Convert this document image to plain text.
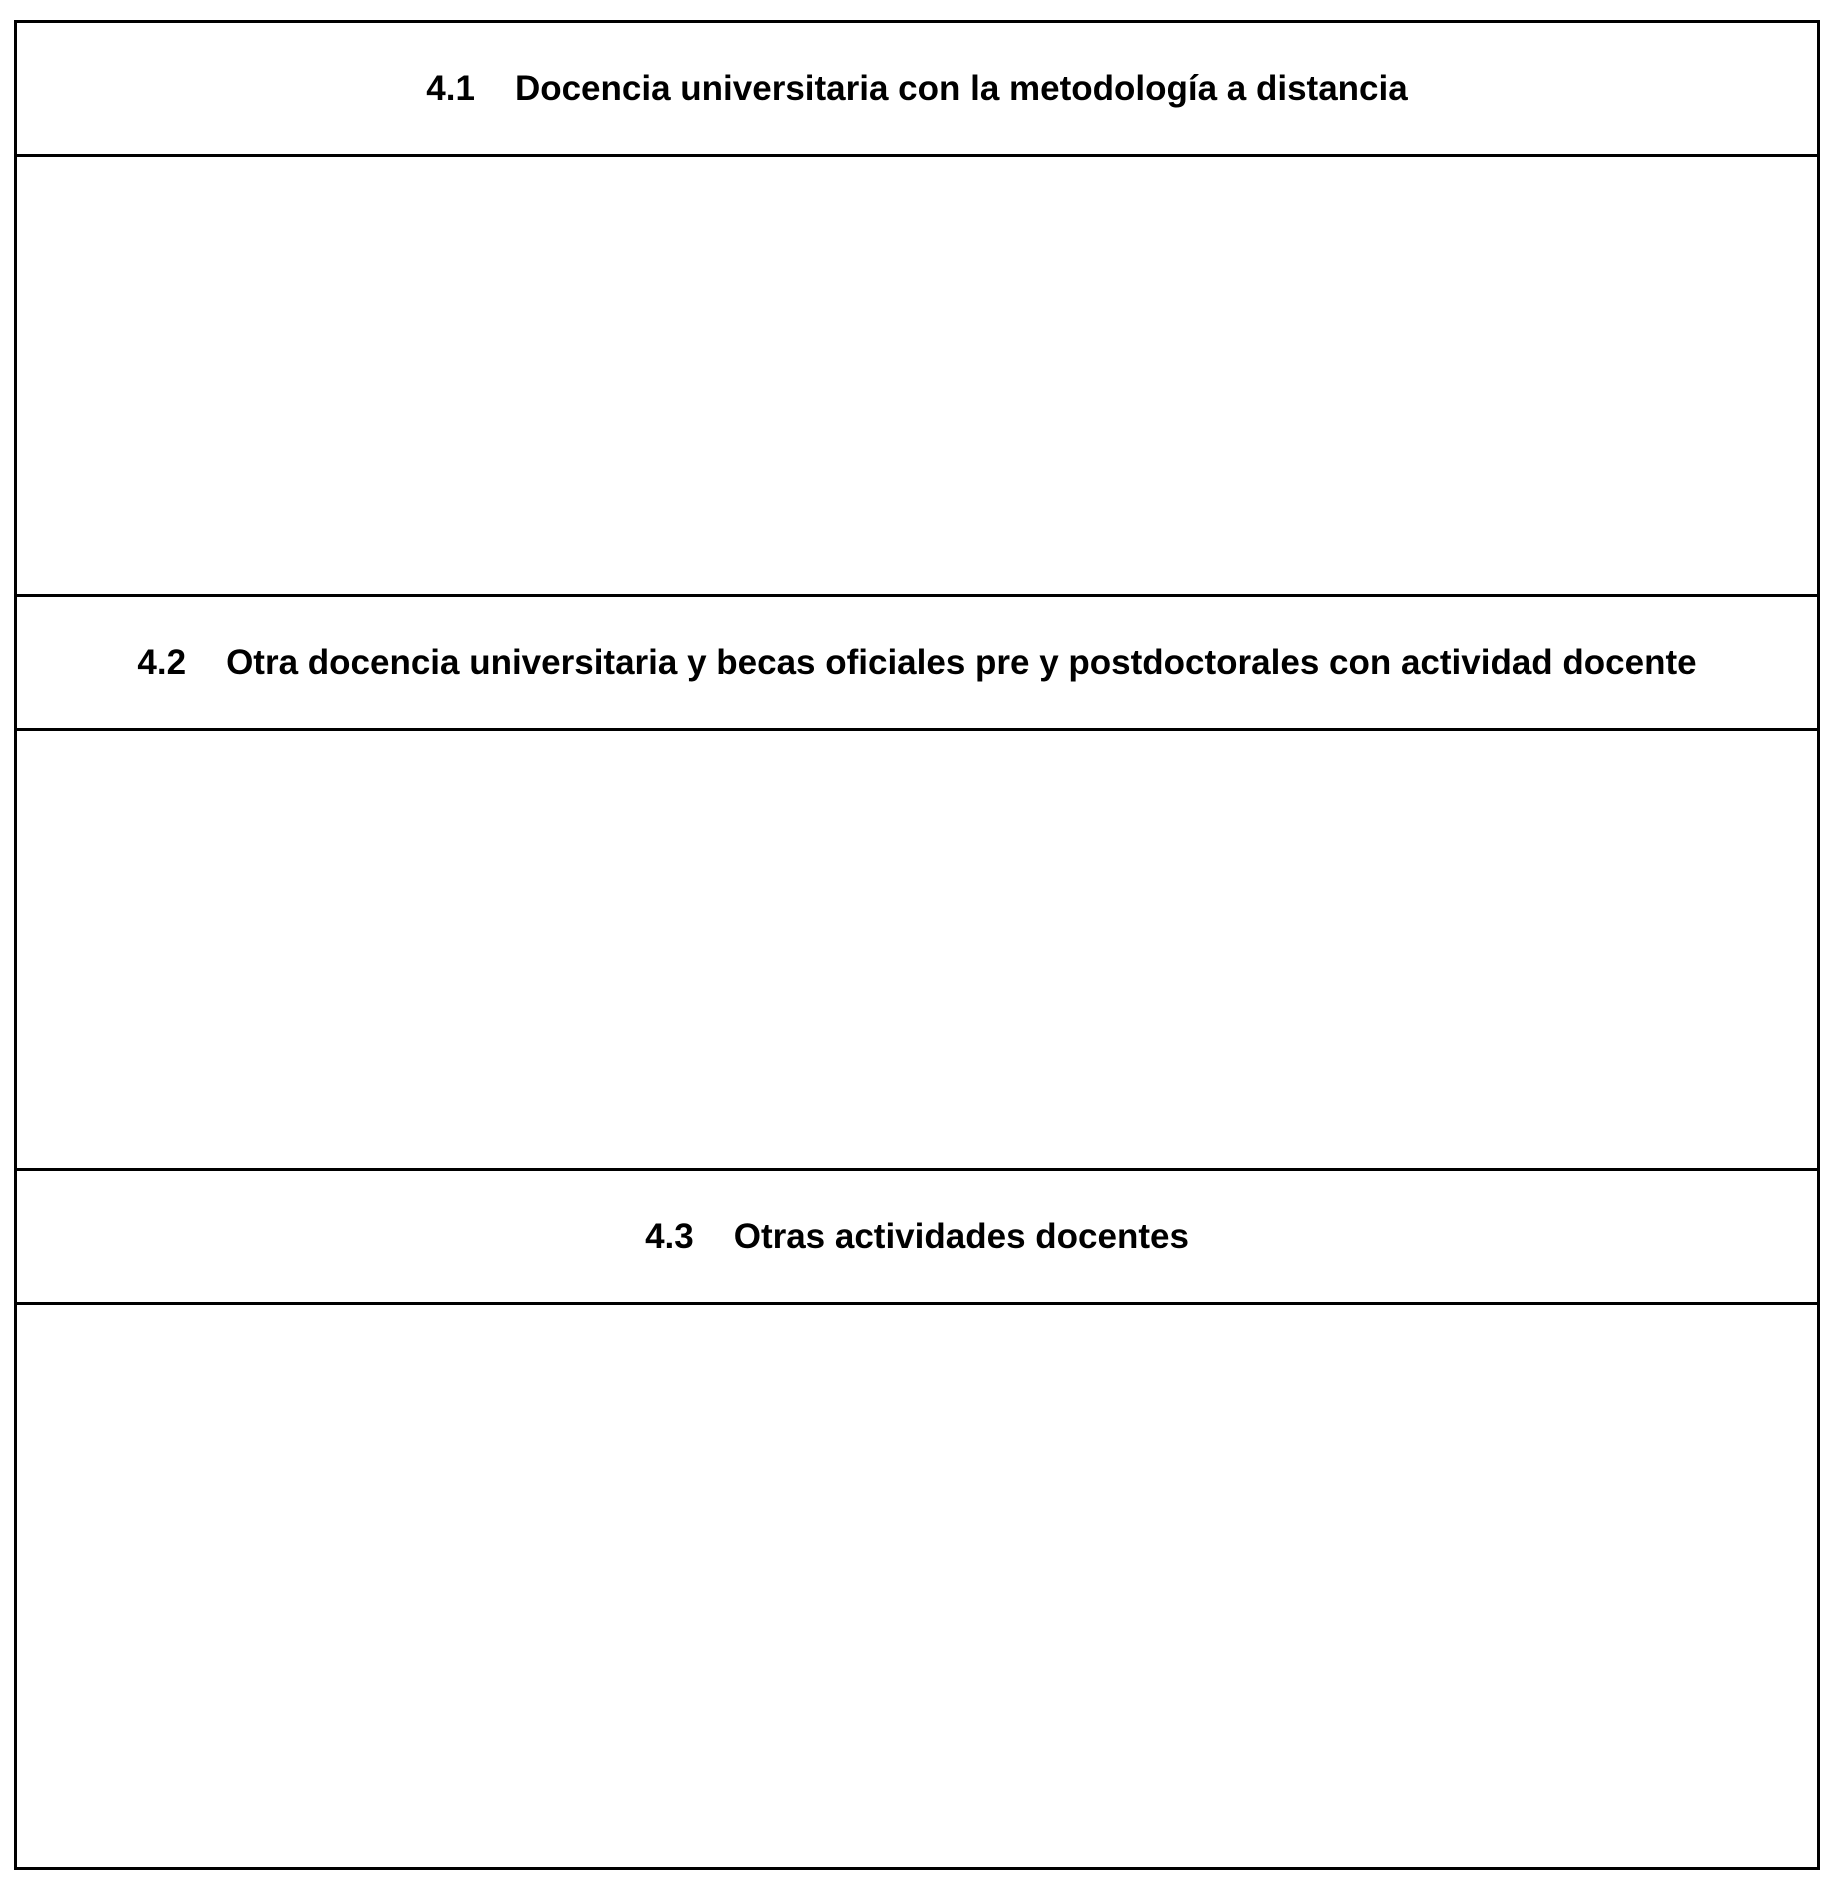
4.1 Docencia universitaria con la metodología a distancia
4.2 Otra docencia universitaria y becas oficiales pre y postdoctorales con actividad docente
4.3 Otras actividades docentes
